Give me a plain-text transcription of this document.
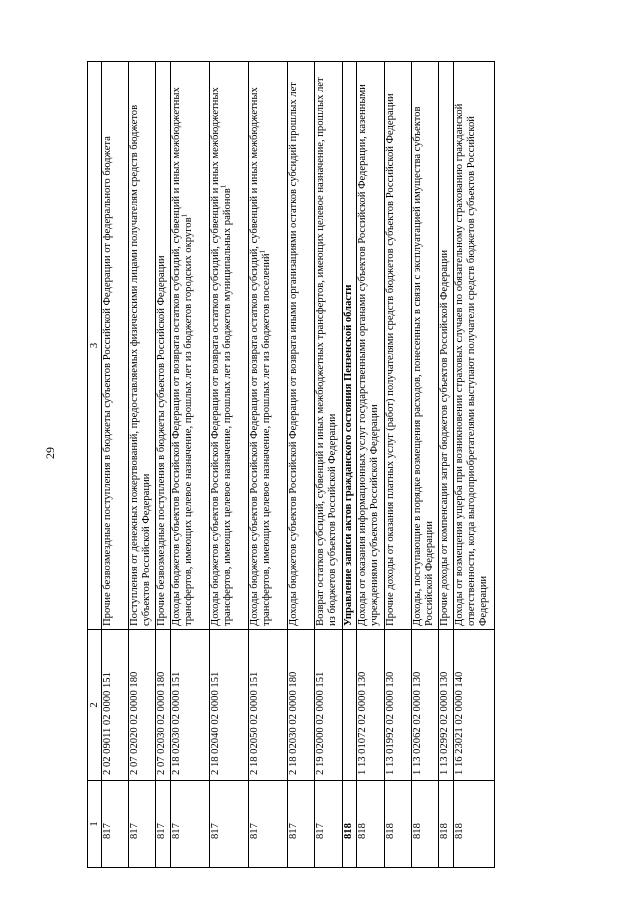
29
1	2	3
817	2 02 09011 02 0000 151	Прочие безвозмездные поступления в бюджеты субъектов Российской Федерации от федерального бюджета
817	2 07 02020 02 0000 180	Поступления от денежных пожертвований, предоставляемых физическими лицами получателям средств бюджетов субъектов Российской Федерации
817	2 07 02030 02 0000 180	Прочие безвозмездные поступления в бюджеты субъектов Российской Федерации
817	2 18 02030 02 0000 151	Доходы бюджетов субъектов Российской Федерации от возврата остатков субсидий, субвенций и иных межбюджетных трансфертов, имеющих целевое назначение, прошлых лет из бюджетов городских округов$^1$
817	2 18 02040 02 0000 151	Доходы бюджетов субъектов Российской Федерации от возврата остатков субсидий, субвенций и иных межбюджетных трансфертов, имеющих целевое назначение, прошлых лет из бюджетов муниципальных районов$^1$
817	2 18 02050 02 0000 151	Доходы бюджетов субъектов Российской Федерации от возврата остатков субсидий, субвенций и иных межбюджетных трансфертов, имеющих целевое назначение, прошлых лет из бюджетов поселений$^1$
817	2 18 02030 02 0000 180	Доходы бюджетов субъектов Российской Федерации от возврата иными организациями остатков субсидий прошлых лет
817	2 19 02000 02 0000 151	Возврат остатков субсидий, субвенций и иных межбюджетных трансфертов, имеющих целевое назначение, прошлых лет из бюджетов субъектов Российской Федерации
818		Управление записи актов гражданского состояния Пензенской области
818	1 13 01072 02 0000 130	Доходы от оказания информационных услуг государственными органами субъектов Российской Федерации, казенными учреждениями субъектов Российской Федерации
818	1 13 01992 02 0000 130	Прочие доходы от оказания платных услуг (работ) получателями средств бюджетов субъектов Российской Федерации
818	1 13 02062 02 0000 130	Доходы, поступающие в порядке возмещения расходов, понесенных в связи с эксплуатацией имущества субъектов Российской Федерации
818	1 13 02992 02 0000 130	Прочие доходы от компенсации затрат бюджетов субъектов Российской Федерации
818	1 16 23021 02 0000 140	Доходы от возмещения ущерба при возникновении страховых случаев по обязательному страхованию гражданской ответственности, когда выгодоприобретателями выступают получатели средств бюджетов субъектов Российской Федерации
